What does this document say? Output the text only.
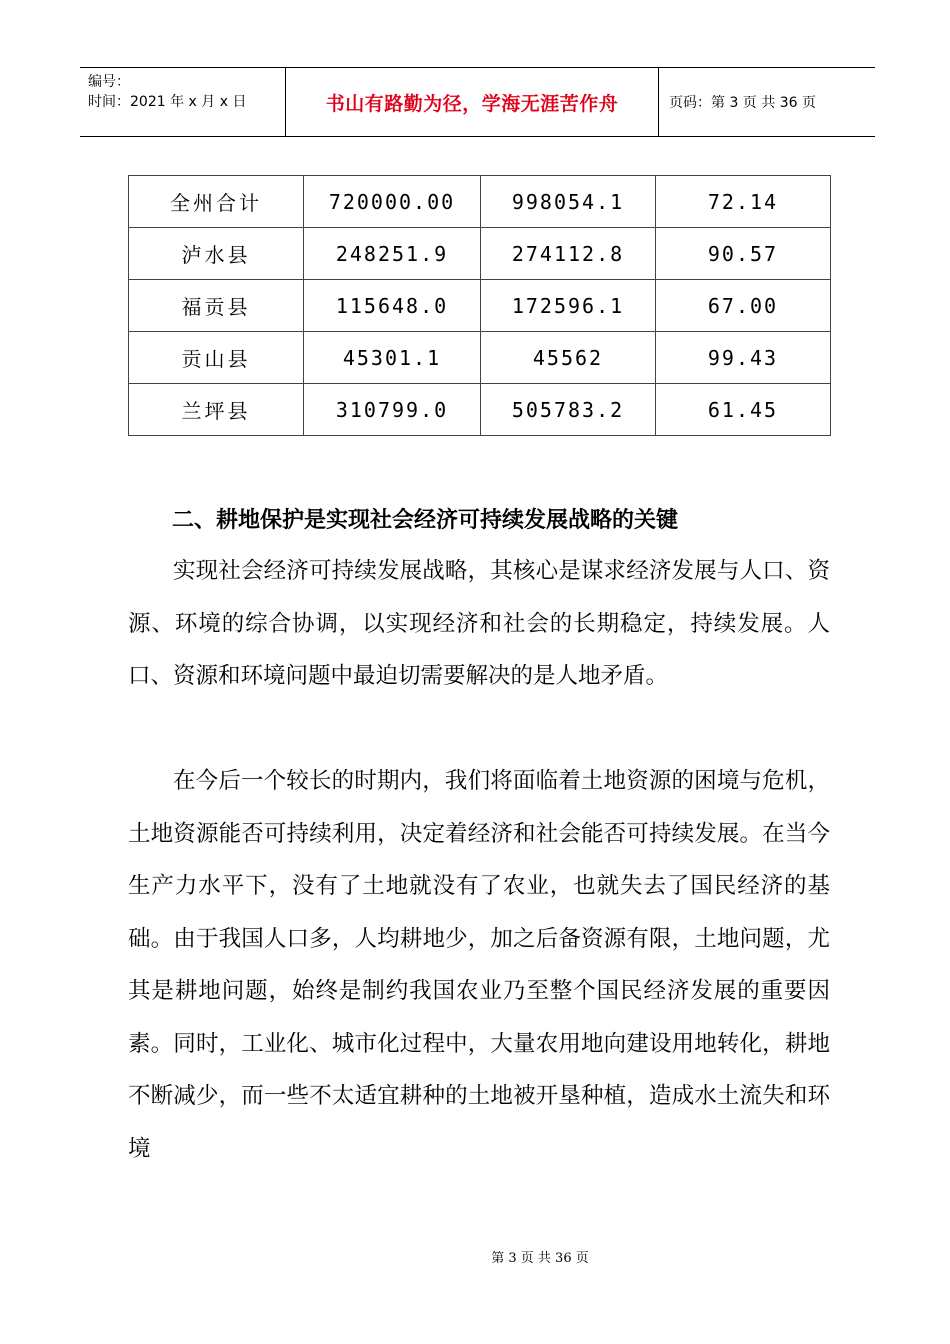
编号：
时间：2021 年 x 月 x 日	书山有路勤为径，学海无涯苦作舟	页码：第 3 页 共 36 页
全州合计	720000.00	998054.1	72.14
泸水县	248251.9	274112.8	90.57
福贡县	115648.0	172596.1	67.00
贡山县	45301.1	45562	99.43
兰坪县	310799.0	505783.2	61.45
二、耕地保护是实现社会经济可持续发展战略的关键

实现社会经济可持续发展战略，其核心是谋求经济发展与人口、资源、环境的综合协调，以实现经济和社会的长期稳定，持续发展。人口、资源和环境问题中最迫切需要解决的是人地矛盾。

在今后一个较长的时期内，我们将面临着土地资源的困境与危机，土地资源能否可持续利用，决定着经济和社会能否可持续发展。在当今生产力水平下，没有了土地就没有了农业，也就失去了国民经济的基础。由于我国人口多，人均耕地少，加之后备资源有限，土地问题，尤其是耕地问题，始终是制约我国农业乃至整个国民经济发展的重要因素。同时，工业化、城市化过程中，大量农用地向建设用地转化，耕地不断减少，而一些不太适宜耕种的土地被开垦种植，造成水土流失和环境

第 3 页 共 36 页
